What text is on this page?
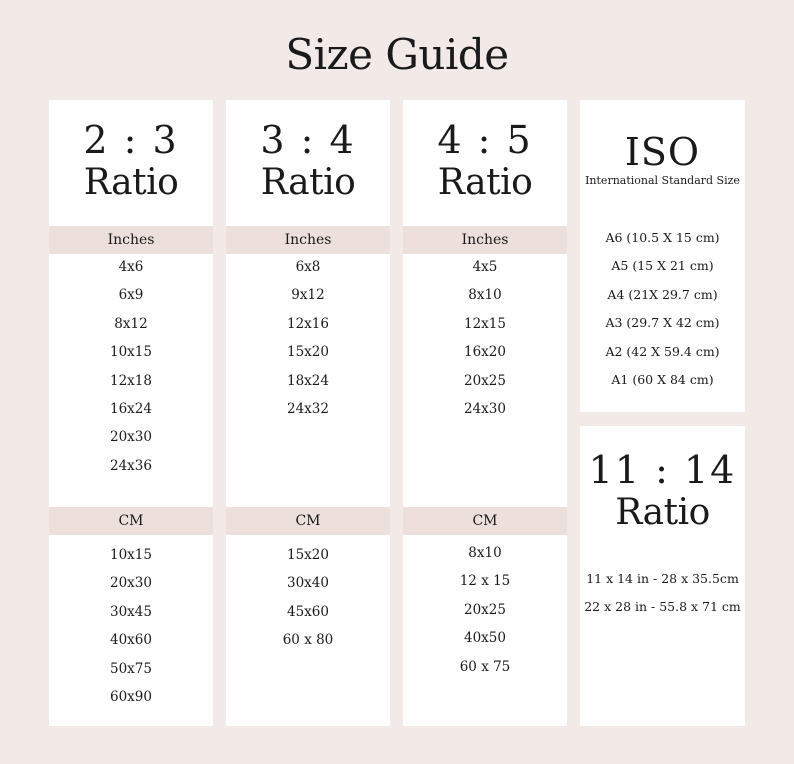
Size Guide
2 : 3
Ratio
Inches
4x6
6x9
8x12
10x15
12x18
16x24
20x30
24x36
CM
10x15
20x30
30x45
40x60
50x75
60x90
3 : 4
Ratio
Inches
6x8
9x12
12x16
15x20
18x24
24x32
CM
15x20
30x40
45x60
60 x 80
4 : 5
Ratio
Inches
4x5
8x10
12x15
16x20
20x25
24x30
CM
8x10
12 x 15
20x25
40x50
60 x 75
ISO
International Standard Size
A6 (10.5 X 15 cm)
A5 (15 X 21 cm)
A4 (21X 29.7 cm)
A3 (29.7 X 42 cm)
A2 (42 X 59.4 cm)
A1 (60 X 84 cm)
11 : 14
Ratio
11 x 14 in - 28 x 35.5cm
22 x 28 in - 55.8 x 71 cm
